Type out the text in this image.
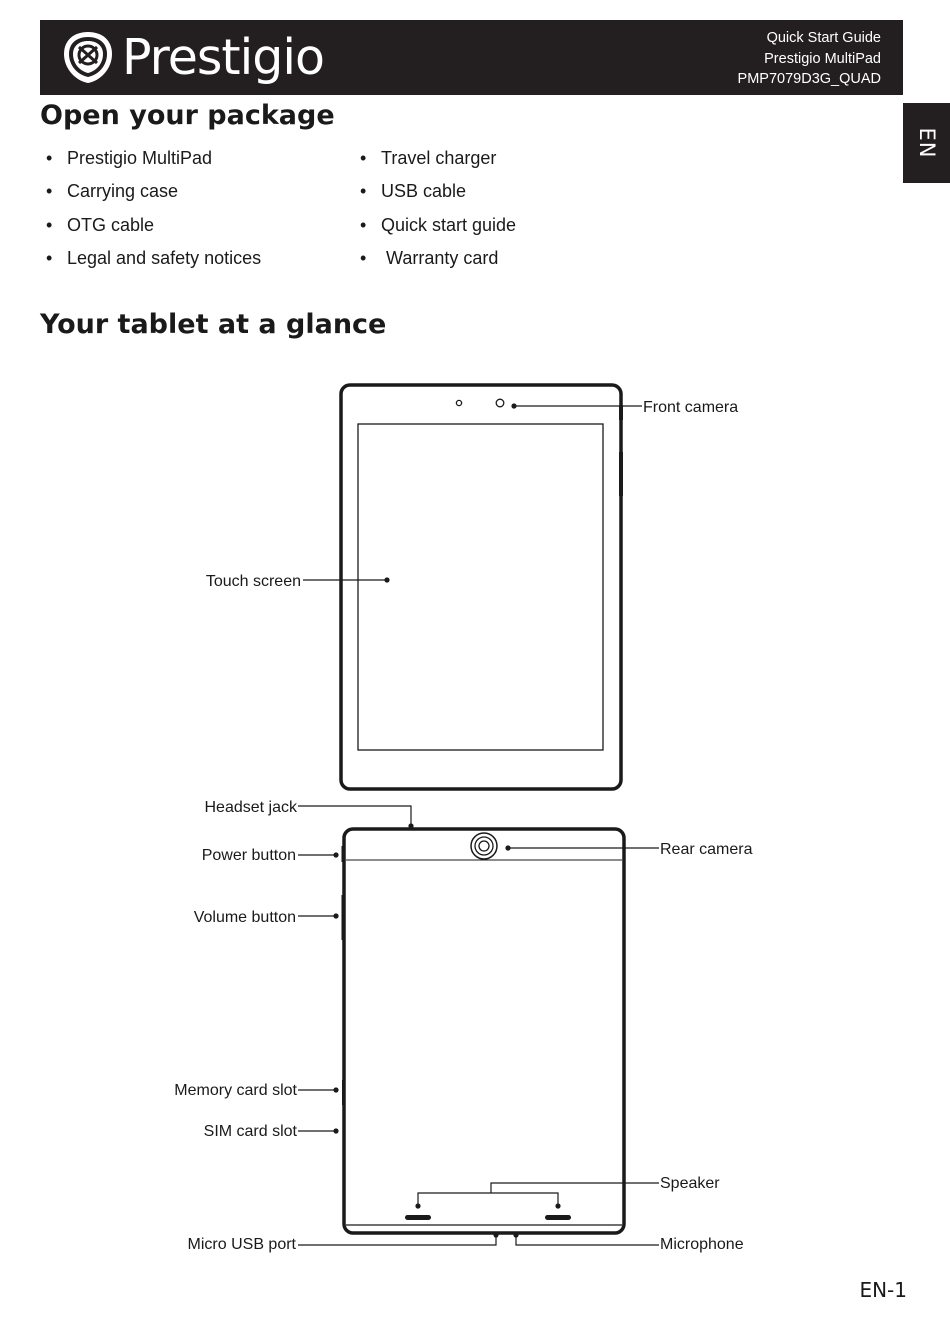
Prestigio	Quick Start Guide
Prestigio MultiPad
PMP7079D3G_QUAD
EN
Open your package
• Prestigio MultiPad
• Carrying case
• OTG cable
• Legal and safety notices
• Travel charger
• USB cable
• Quick start guide
•  Warranty card
Your tablet at a glance
Front camera
Touch screen
Headset jack
Power button
Volume button
Rear camera
Memory card slot
SIM card slot
Speaker
Micro USB port	Microphone
EN-1
